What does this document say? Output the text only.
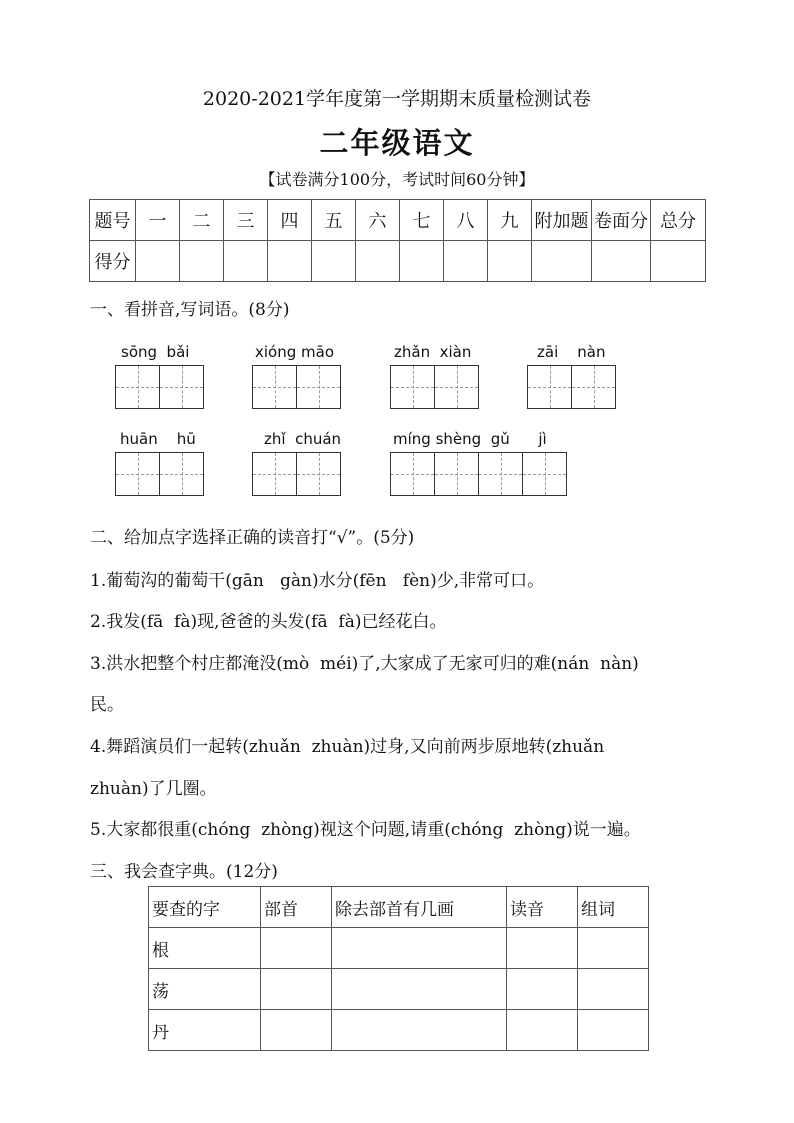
2020-2021学年度第一学期期末质量检测试卷
二年级语文
【试卷满分100分，考试时间60分钟】
题号	一	二	三	四	五	六	七	八	九	附加题	卷面分	总分
得分												
一、看拼音,写词语。(8分)
sōng  bǎi	xióng māo	zhǎn  xiàn	zāi    nàn
huān    hū	zhǐ  chuán	míng shèng  gǔ      jì
二、给加点字选择正确的读音打“√”。(5分)
1.葡萄沟的葡萄干(gān   gàn)水分(fēn   fèn)少,非常可口。
2.我发(fā  fà)现,爸爸的头发(fā  fà)已经花白。
3.洪水把整个村庄都淹没(mò  méi)了,大家成了无家可归的难(nán  nàn)
民。
4.舞蹈演员们一起转(zhuǎn  zhuàn)过身,又向前两步原地转(zhuǎn
zhuàn)了几圈。
5.大家都很重(chóng  zhòng)视这个问题,请重(chóng  zhòng)说一遍。
三、我会查字典。(12分)
要查的字	部首	除去部首有几画	读音	组词
根				
荡				
丹				
